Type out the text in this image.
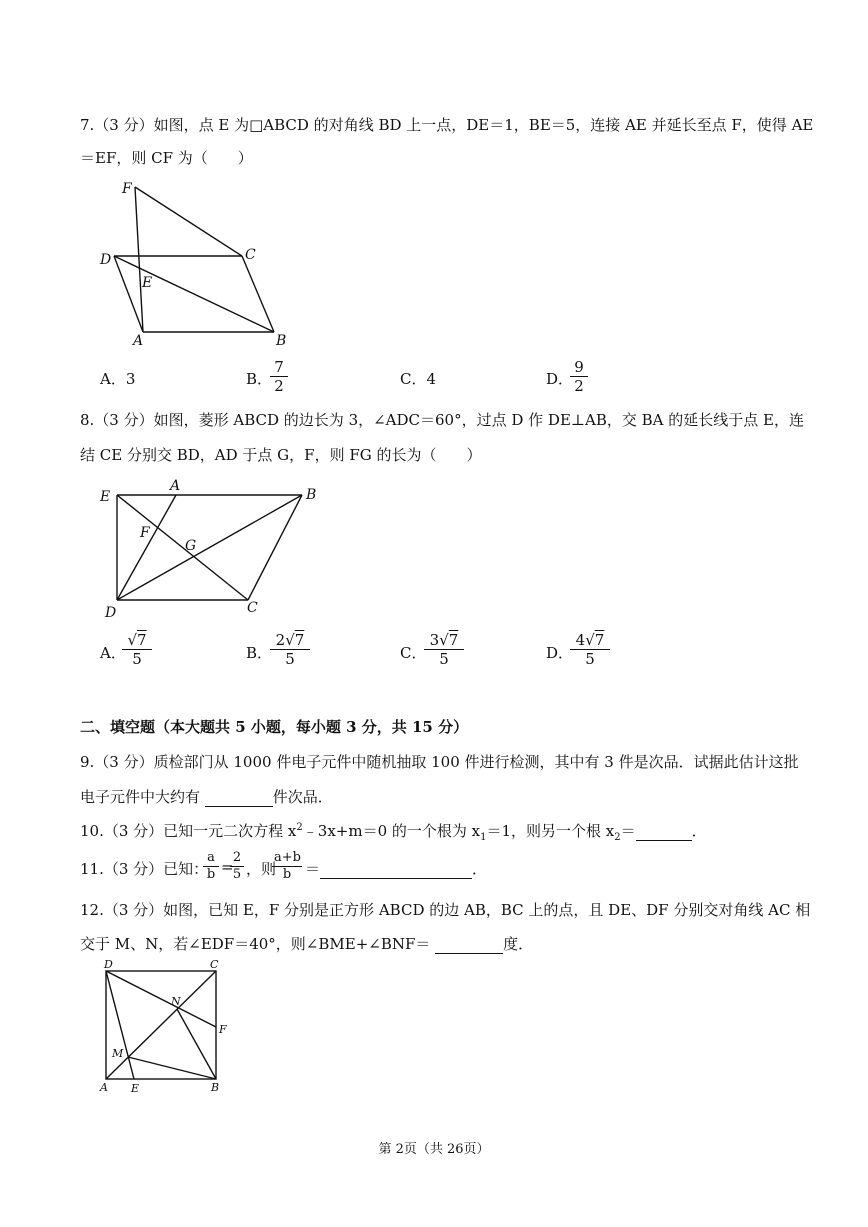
7.（3 分）如图，点 E 为□ABCD 的对角线 BD 上一点，DE＝1，BE＝5，连接 AE 并延长至点 F，使得 AE
＝EF，则 CF 为（　　）
F
C
D
E
A	B
A．3	B．
$\frac{7}{2}$	C．4	D．
$\frac{9}{2}$
8.（3 分）如图，菱形 ABCD 的边长为 3，∠ADC＝60°，过点 D 作 DE⊥AB，交 BA 的延长线于点 E，连
结 CE 分别交 BD，AD 于点 G，F，则 FG 的长为（　　）
E
A
B
F
G
D	C
A．
$\frac{√7}{5}$	B．
$\frac{2√7}{5}$	C．
$\frac{3√7}{5}$	D．
$\frac{4√7}{5}$
二、填空题（本大题共 5 小题，每小题 3 分，共 15 分）
9.（3 分）质检部门从 1000 件电子元件中随机抽取 100 件进行检测，其中有 3 件是次品．试据此估计这批
电子元件中大约有	件次品．
10.（3 分）已知一元二次方程 $x^2﹣3x+m=0$ 的一个根为 $x_1=1$，则另一个根 $x_2=$	．
11.（3 分）已知：
$\frac{a}{b}$ =
$\frac{2}{5}$ ，则
$\frac{a+b}{b}$ ＝	．
12.（3 分）如图，已知 E，F 分别是正方形 ABCD 的边 AB，BC 上的点，且 DE、DF 分别交对角线 AC 相
交于 M、N，若∠EDF＝40°，则∠BME+∠BNF＝	度．
D	C
N
F
M
A E	B
第 2页（共 26页）
